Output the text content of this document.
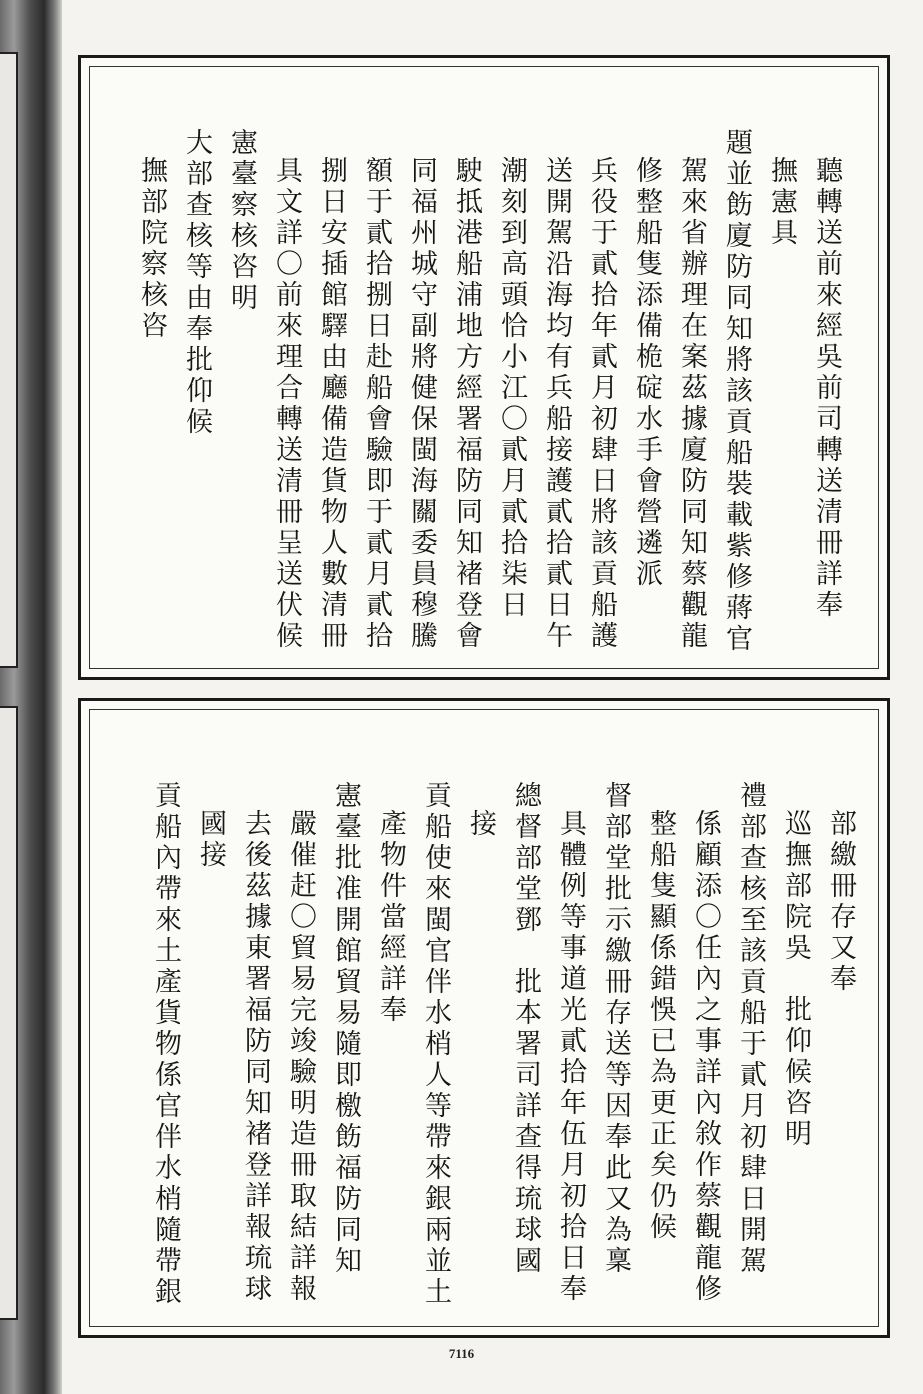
聽轉送前來經吳前司轉送清冊詳奉
撫憲具
題並飭廈防同知將該貢船裝載紫修蔣官
駕來省辦理在案茲據廈防同知蔡觀龍
修整船隻添備桅碇水手會營遴派
兵役于貳拾年貳月初肆日將該貢船護
送開駕沿海均有兵船接護貳拾貳日午
潮刻到高頭恰小江〇貳月貳拾柒日
駛抵港船浦地方經署福防同知褚登會
同福州城守副將健保閩海關委員穆騰
額于貳拾捌日赴船會驗即于貳月貳拾
捌日安插館驛由廳備造貨物人數清冊
具文詳〇前來理合轉送清冊呈送伏候
憲臺察核咨明
大部查核等由奉批仰候
撫部院察核咨
部繳冊存又奉
巡撫部院吳　批仰候咨明
禮部查核至該貢船于貳月初肆日開駕
係顧添〇任內之事詳內敘作蔡觀龍修
整船隻顯係錯悞已為更正矣仍候
督部堂批示繳冊存送等因奉此又為稟
具體例等事道光貳拾年伍月初拾日奉
總督部堂鄧　批本署司詳查得琉球國
接
貢船使來閩官伴水梢人等帶來銀兩並土
產物件當經詳奉
憲臺批准開館貿易隨即檄飭福防同知
嚴催赶〇貿易完竣驗明造冊取結詳報
去後茲據東署福防同知褚登詳報琉球
國接
貢船內帶來土產貨物係官伴水梢隨帶銀
7116
